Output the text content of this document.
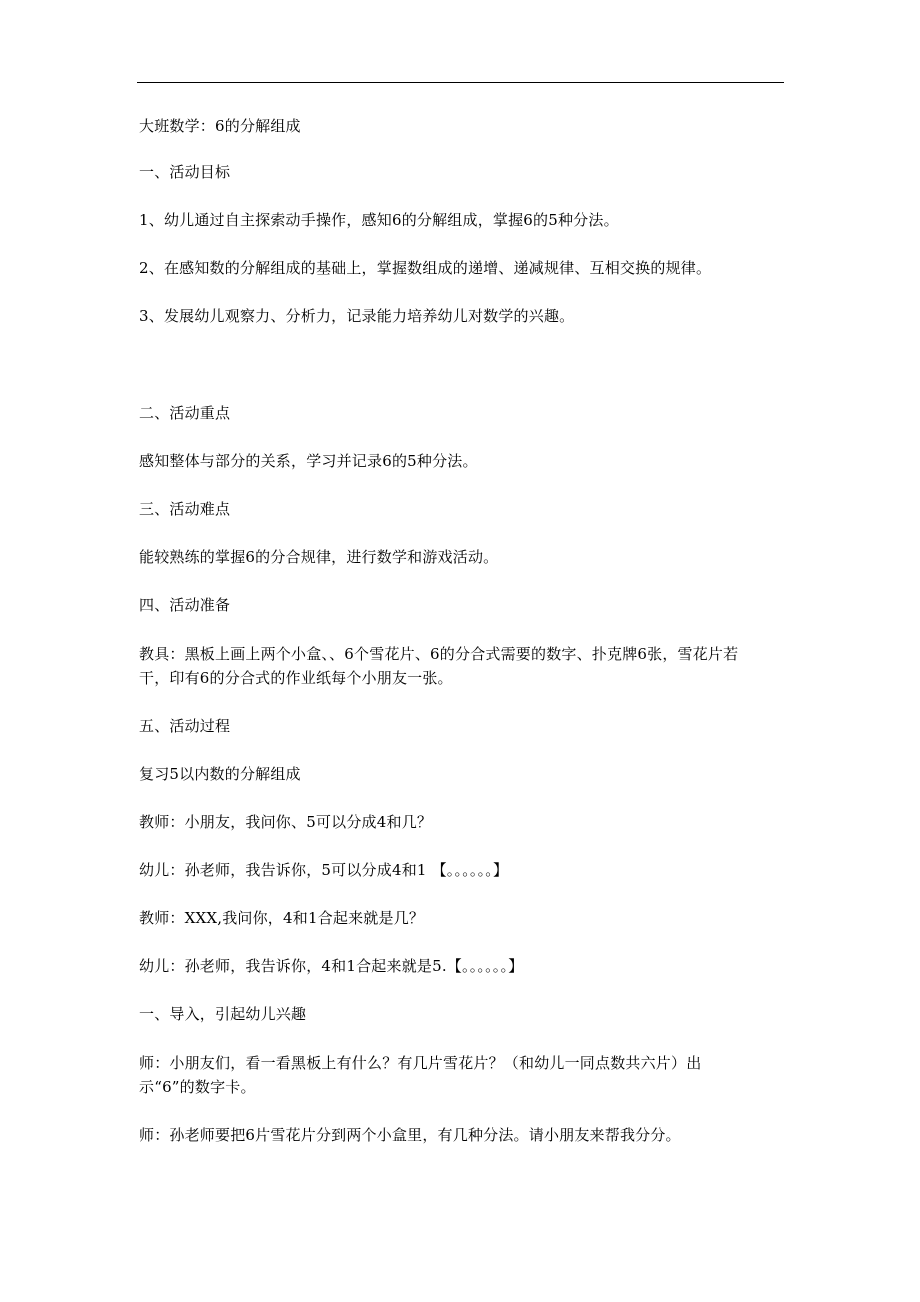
大班数学：6的分解组成
一、活动目标
1、幼儿通过自主探索动手操作，感知6的分解组成，掌握6的5种分法。
2、在感知数的分解组成的基础上，掌握数组成的递增、递减规律、互相交换的规律。
3、发展幼儿观察力、分析力，记录能力培养幼儿对数学的兴趣。
二、活动重点
感知整体与部分的关系，学习并记录6的5种分法。
三、活动难点
能较熟练的掌握6的分合规律，进行数学和游戏活动。
四、活动准备
教具：黑板上画上两个小盒、、6个雪花片、6的分合式需要的数字、扑克牌6张，雪花片若干，印有6的分合式的作业纸每个小朋友一张。
五、活动过程
复习5以内数的分解组成
教师：小朋友，我问你、5可以分成4和几？
幼儿：孙老师，我告诉你，5可以分成4和1 【。。。。。。】
教师：XXX,我问你，4和1合起来就是几？
幼儿：孙老师，我告诉你，4和1合起来就是5.【。。。。。。】
一、导入，引起幼儿兴趣
师：小朋友们，看一看黑板上有什么？有几片雪花片？（和幼儿一同点数共六片）出示“6”的数字卡。
师：孙老师要把6片雪花片分到两个小盒里，有几种分法。请小朋友来帮我分分。
